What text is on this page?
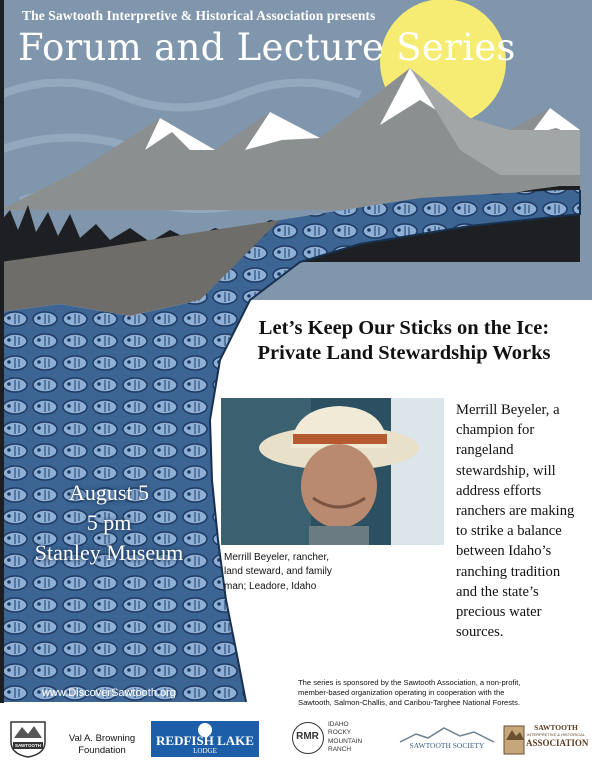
The Sawtooth Interpretive & Historical Association presents
Forum and Lecture Series
Let’s Keep Our Sticks on the Ice:
Private Land Stewardship Works
Merrill Beyeler, rancher,
land steward, and family
man; Leadore, Idaho
Merrill Beyeler, a
champion for
rangeland
stewardship, will
address efforts
ranchers are making
to strike a balance
between Idaho’s
ranching tradition
and the state’s
precious water
sources.
August 5
5 pm
Stanley Museum
www.DiscoverSawtooth.org
The series is sponsored by the Sawtooth Association, a non-profit,
member-based organization operating in cooperation with the
Sawtooth, Salmon-Challis, and Caribou-Targhee National Forests.
SAWTOOTH
Val A. Browning
Foundation
REDFISH LAKE
LODGE
RMR
IDAHO
ROCKY
MOUNTAIN
RANCH	SAWTOOTH SOCIETY
SAWTOOTH
INTERPRETIVE & HISTORICAL
ASSOCIATION
